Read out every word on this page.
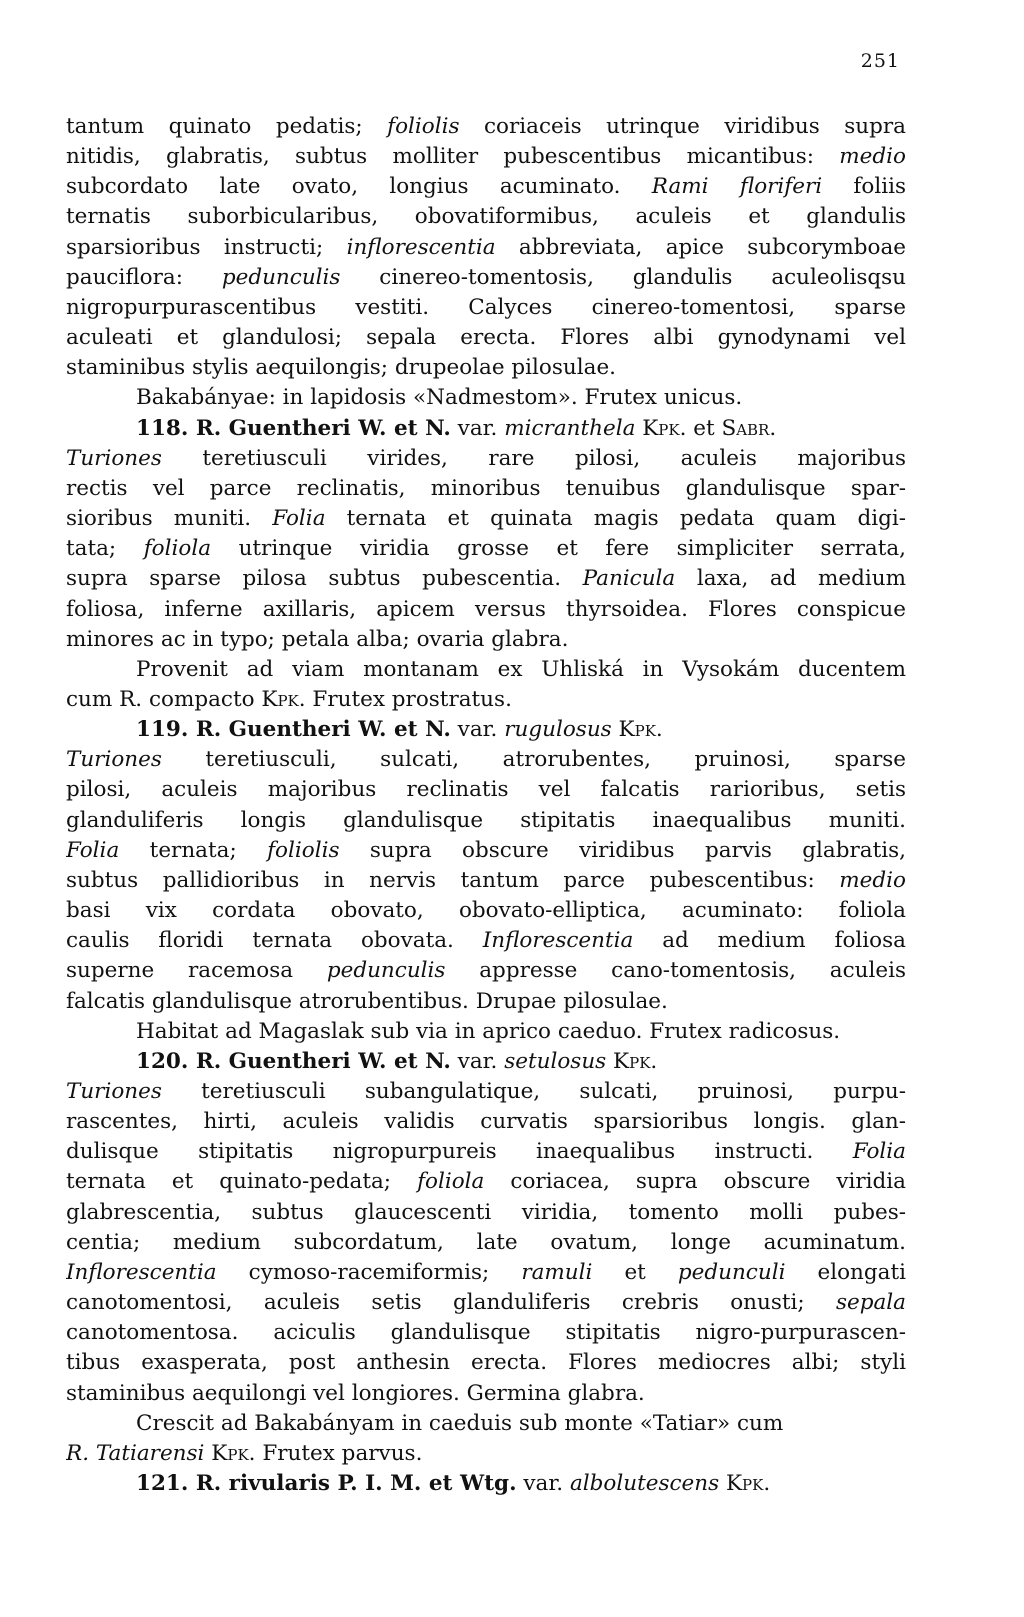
251
tantum quinato pedatis; foliolis coriaceis utrinque viridibus supra
nitidis, glabratis, subtus molliter pubescentibus micantibus: medio
subcordato late ovato, longius acuminato. Rami floriferi foliis
ternatis suborbicularibus, obovatiformibus, aculeis et glandulis
sparsioribus instructi; inflorescentia abbreviata, apice subcorymboae
pauciflora: pedunculis cinereo-tomentosis, glandulis aculeolisqsu
nigropurpurascentibus vestiti. Calyces cinereo-tomentosi, sparse
aculeati et glandulosi; sepala erecta. Flores albi gynodynami vel
staminibus stylis aequilongis; drupeolae pilosulae.
Bakabányae: in lapidosis «Nadmestom». Frutex unicus.
118. R. Guentheri W. et N. var. micranthela Kpk. et Sabr.
Turiones teretiusculi virides, rare pilosi, aculeis majoribus
rectis vel parce reclinatis, minoribus tenuibus glandulisque spar-
sioribus muniti. Folia ternata et quinata magis pedata quam digi-
tata; foliola utrinque viridia grosse et fere simpliciter serrata,
supra sparse pilosa subtus pubescentia. Panicula laxa, ad medium
foliosa, inferne axillaris, apicem versus thyrsoidea. Flores conspicue
minores ac in typo; petala alba; ovaria glabra.
Provenit ad viam montanam ex Uhliská in Vysokám ducentem
cum R. compacto Kpk. Frutex prostratus.
119. R. Guentheri W. et N. var. rugulosus Kpk.
Turiones teretiusculi, sulcati, atrorubentes, pruinosi, sparse
pilosi, aculeis majoribus reclinatis vel falcatis rarioribus, setis
glanduliferis longis glandulisque stipitatis inaequalibus muniti.
Folia ternata; foliolis supra obscure viridibus parvis glabratis,
subtus pallidioribus in nervis tantum parce pubescentibus: medio
basi vix cordata obovato, obovato-elliptica, acuminato: foliola
caulis floridi ternata obovata. Inflorescentia ad medium foliosa
superne racemosa pedunculis appresse cano-tomentosis, aculeis
falcatis glandulisque atrorubentibus. Drupae pilosulae.
Habitat ad Magaslak sub via in aprico caeduo. Frutex radicosus.
120. R. Guentheri W. et N. var. setulosus Kpk.
Turiones teretiusculi subangulatique, sulcati, pruinosi, purpu-
rascentes, hirti, aculeis validis curvatis sparsioribus longis. glan-
dulisque stipitatis nigropurpureis inaequalibus instructi. Folia
ternata et quinato-pedata; foliola coriacea, supra obscure viridia
glabrescentia, subtus glaucescenti viridia, tomento molli pubes-
centia; medium subcordatum, late ovatum, longe acuminatum.
Inflorescentia cymoso-racemiformis; ramuli et pedunculi elongati
canotomentosi, aculeis setis glanduliferis crebris onusti; sepala
canotomentosa. aciculis glandulisque stipitatis nigro-purpurascen-
tibus exasperata, post anthesin erecta. Flores mediocres albi; styli
staminibus aequilongi vel longiores. Germina glabra.
Crescit ad Bakabányam in caeduis sub monte «Tatiar» cum
R. Tatiarensi Kpk. Frutex parvus.
121. R. rivularis P. I. M. et Wtg. var. albolutescens Kpk.
